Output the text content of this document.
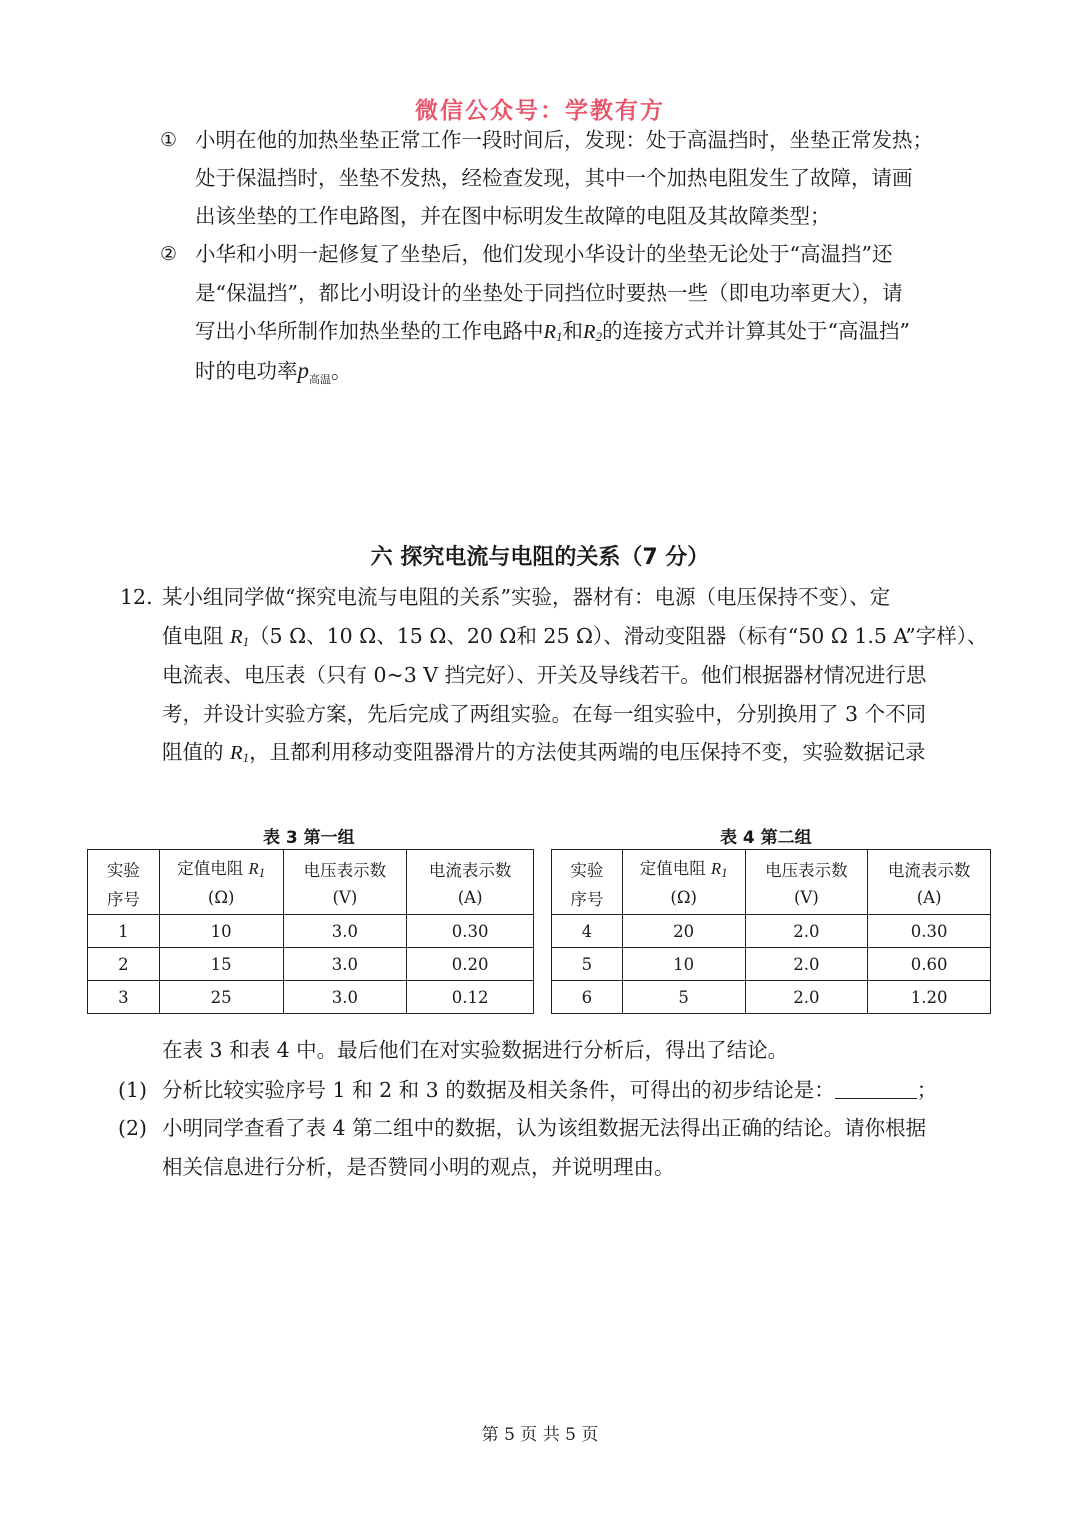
微信公众号：学教有方
① 小明在他的加热坐垫正常工作一段时间后，发现：处于高温挡时，坐垫正常发热；
处于保温挡时，坐垫不发热，经检查发现，其中一个加热电阻发生了故障，请画
出该坐垫的工作电路图，并在图中标明发生故障的电阻及其故障类型；
② 小华和小明一起修复了坐垫后，他们发现小华设计的坐垫无论处于“高温挡”还
是“保温挡”，都比小明设计的坐垫处于同挡位时要热一些（即电功率更大），请
写出小华所制作加热坐垫的工作电路中$R_1$和$R_2$的连接方式并计算其处于“高温挡”
时的电功率$p_{高温}$。
六 探究电流与电阻的关系（7 分）
12. 某小组同学做“探究电流与电阻的关系”实验，器材有：电源（电压保持不变）、定
值电阻 $R_1(5$ Ω、10 Ω、15 Ω、20 Ω和 25 Ω）、滑动变阻器（标有“50 Ω 1.5 A”字样）、
电流表、电压表（只有 0~3 V 挡完好）、开关及导线若干。他们根据器材情况进行思
考，并设计实验方案，先后完成了两组实验。在每一组实验中，分别换用了 3 个不同
阻值的 $R_1$，且都利用移动变阻器滑片的方法使其两端的电压保持不变，实验数据记录
表 3 第一组	表 4 第二组
实验	定值电阻 $R_1$	电压表示数	电流表示数
序号	(Ω)	(V)	(A)
1	10	3.0	0.30
2	15	3.0	0.20
3	25	3.0	0.12
实验	定值电阻 $R_1$	电压表示数	电流表示数
序号	(Ω)	(V)	(A)
4	20	2.0	0.30
5	10	2.0	0.60
6	5	2.0	1.20
在表 3 和表 4 中。最后他们在对实验数据进行分析后，得出了结论。
(1) 分析比较实验序号 1 和 2 和 3 的数据及相关条件，可得出的初步结论是：	；
(2) 小明同学查看了表 4 第二组中的数据，认为该组数据无法得出正确的结论。请你根据
相关信息进行分析，是否赞同小明的观点，并说明理由。
第 5 页 共 5 页
